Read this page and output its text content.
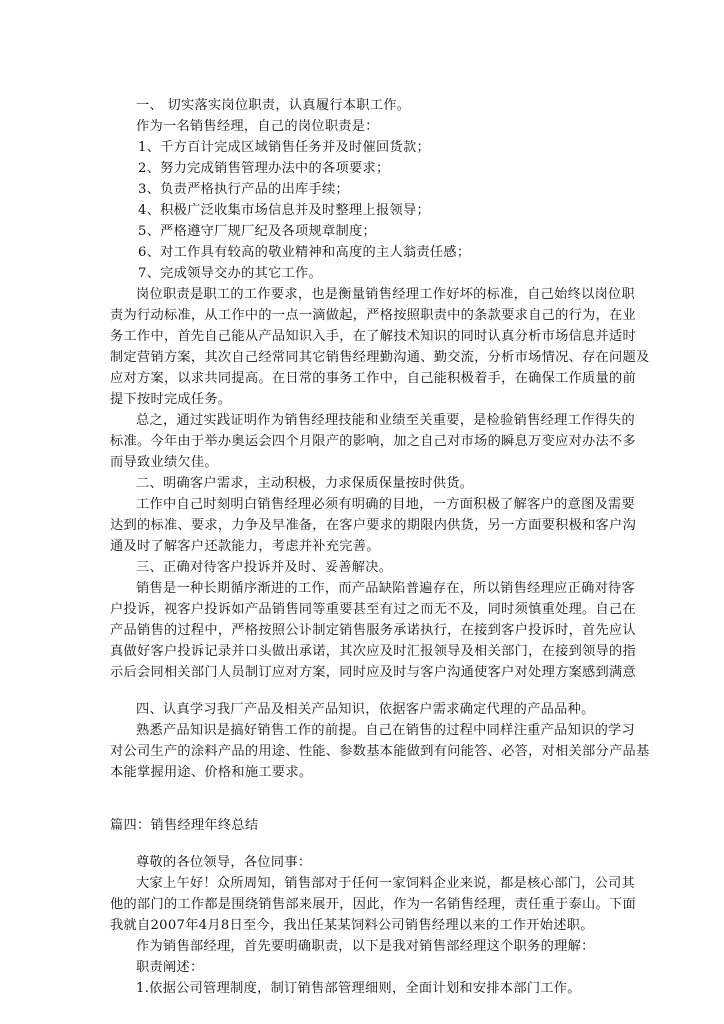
一、 切实落实岗位职责，认真履行本职工作。
作为一名销售经理，自己的岗位职责是：
1、千方百计完成区域销售任务并及时催回货款；
2、努力完成销售管理办法中的各项要求；
3、负责严格执行产品的出库手续；
4、积极广泛收集市场信息并及时整理上报领导；
5、严格遵守厂规厂纪及各项规章制度；
6、对工作具有较高的敬业精神和高度的主人翁责任感；
7、完成领导交办的其它工作。
岗位职责是职工的工作要求，也是衡量销售经理工作好坏的标准，自己始终以岗位职
责为行动标准，从工作中的一点一滴做起，严格按照职责中的条款要求自己的行为，在业
务工作中，首先自己能从产品知识入手，在了解技术知识的同时认真分析市场信息并适时
制定营销方案，其次自己经常同其它销售经理勤沟通、勤交流，分析市场情况、存在问题及
应对方案，以求共同提高。在日常的事务工作中，自己能积极着手，在确保工作质量的前
提下按时完成任务。
总之，通过实践证明作为销售经理技能和业绩至关重要，是检验销售经理工作得失的
标准。今年由于举办奥运会四个月限产的影响，加之自己对市场的瞬息万变应对办法不多
而导致业绩欠佳。
二、明确客户需求，主动积极，力求保质保量按时供货。
工作中自己时刻明白销售经理必须有明确的目地，一方面积极了解客户的意图及需要
达到的标准、要求，力争及早准备，在客户要求的期限内供货，另一方面要积极和客户沟
通及时了解客户还款能力，考虑并补充完善。
三、正确对待客户投诉并及时、妥善解决。
销售是一种长期循序渐进的工作，而产品缺陷普遍存在，所以销售经理应正确对待客
户投诉，视客户投诉如产品销售同等重要甚至有过之而无不及，同时须慎重处理。自己在
产品销售的过程中，严格按照公讣制定销售服务承诺执行，在接到客户投诉时，首先应认
真做好客户投诉记录并口头做出承诺，其次应及时汇报领导及相关部门，在接到领导的指
示后会同相关部门人员制订应对方案，同时应及时与客户沟通使客户对处理方案感到满意
四、认真学习我厂产品及相关产品知识，依据客户需求确定代理的产品品种。
熟悉产品知识是搞好销售工作的前提。自己在销售的过程中同样注重产品知识的学习
对公司生产的涂料产品的用途、性能、参数基本能做到有问能答、必答，对相关部分产品基
本能掌握用途、价格和施工要求。
篇四：销售经理年终总结
尊敬的各位领导，各位同事：
大家上午好！众所周知，销售部对于任何一家饲料企业来说，都是核心部门，公司其
他的部门的工作都是围绕销售部来展开，因此，作为一名销售经理，责任重于泰山。下面
我就自2007年4月8日至今，我出任某某饲料公司销售经理以来的工作开始述职。
作为销售部经理，首先要明确职责，以下是我对销售部经理这个职务的理解：
职责阐述：
1.依据公司管理制度，制订销售部管理细则，全面计划和安排本部门工作。
